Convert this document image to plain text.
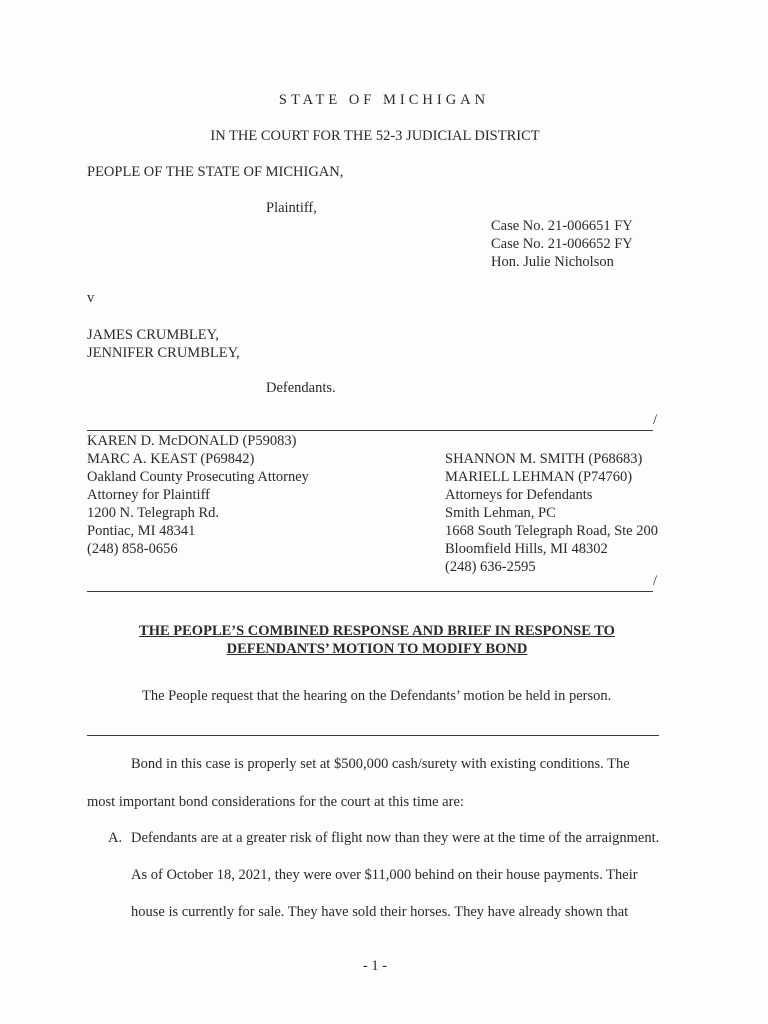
STATE OF MICHIGAN
IN THE COURT FOR THE 52-3 JUDICIAL DISTRICT
PEOPLE OF THE STATE OF MICHIGAN,
Plaintiff,
Case No. 21-006651 FY
Case No. 21-006652 FY
Hon. Julie Nicholson
v
JAMES CRUMBLEY,
JENNIFER CRUMBLEY,
Defendants.
/
KAREN D. McDONALD (P59083)
MARC A. KEAST (P69842)
Oakland County Prosecuting Attorney
Attorney for Plaintiff
1200 N. Telegraph Rd.
Pontiac, MI 48341
(248) 858-0656
SHANNON M. SMITH (P68683)
MARIELL LEHMAN (P74760)
Attorneys for Defendants
Smith Lehman, PC
1668 South Telegraph Road, Ste 200
Bloomfield Hills, MI 48302
(248) 636-2595
/
THE PEOPLE’S COMBINED RESPONSE AND BRIEF IN RESPONSE TO
DEFENDANTS’ MOTION TO MODIFY BOND
The People request that the hearing on the Defendants’ motion be held in person.
Bond in this case is properly set at $500,000 cash/surety with existing conditions. The
most important bond considerations for the court at this time are:
A. Defendants are at a greater risk of flight now than they were at the time of the arraignment.
As of October 18, 2021, they were over $11,000 behind on their house payments. Their
house is currently for sale. They have sold their horses. They have already shown that
- 1 -
